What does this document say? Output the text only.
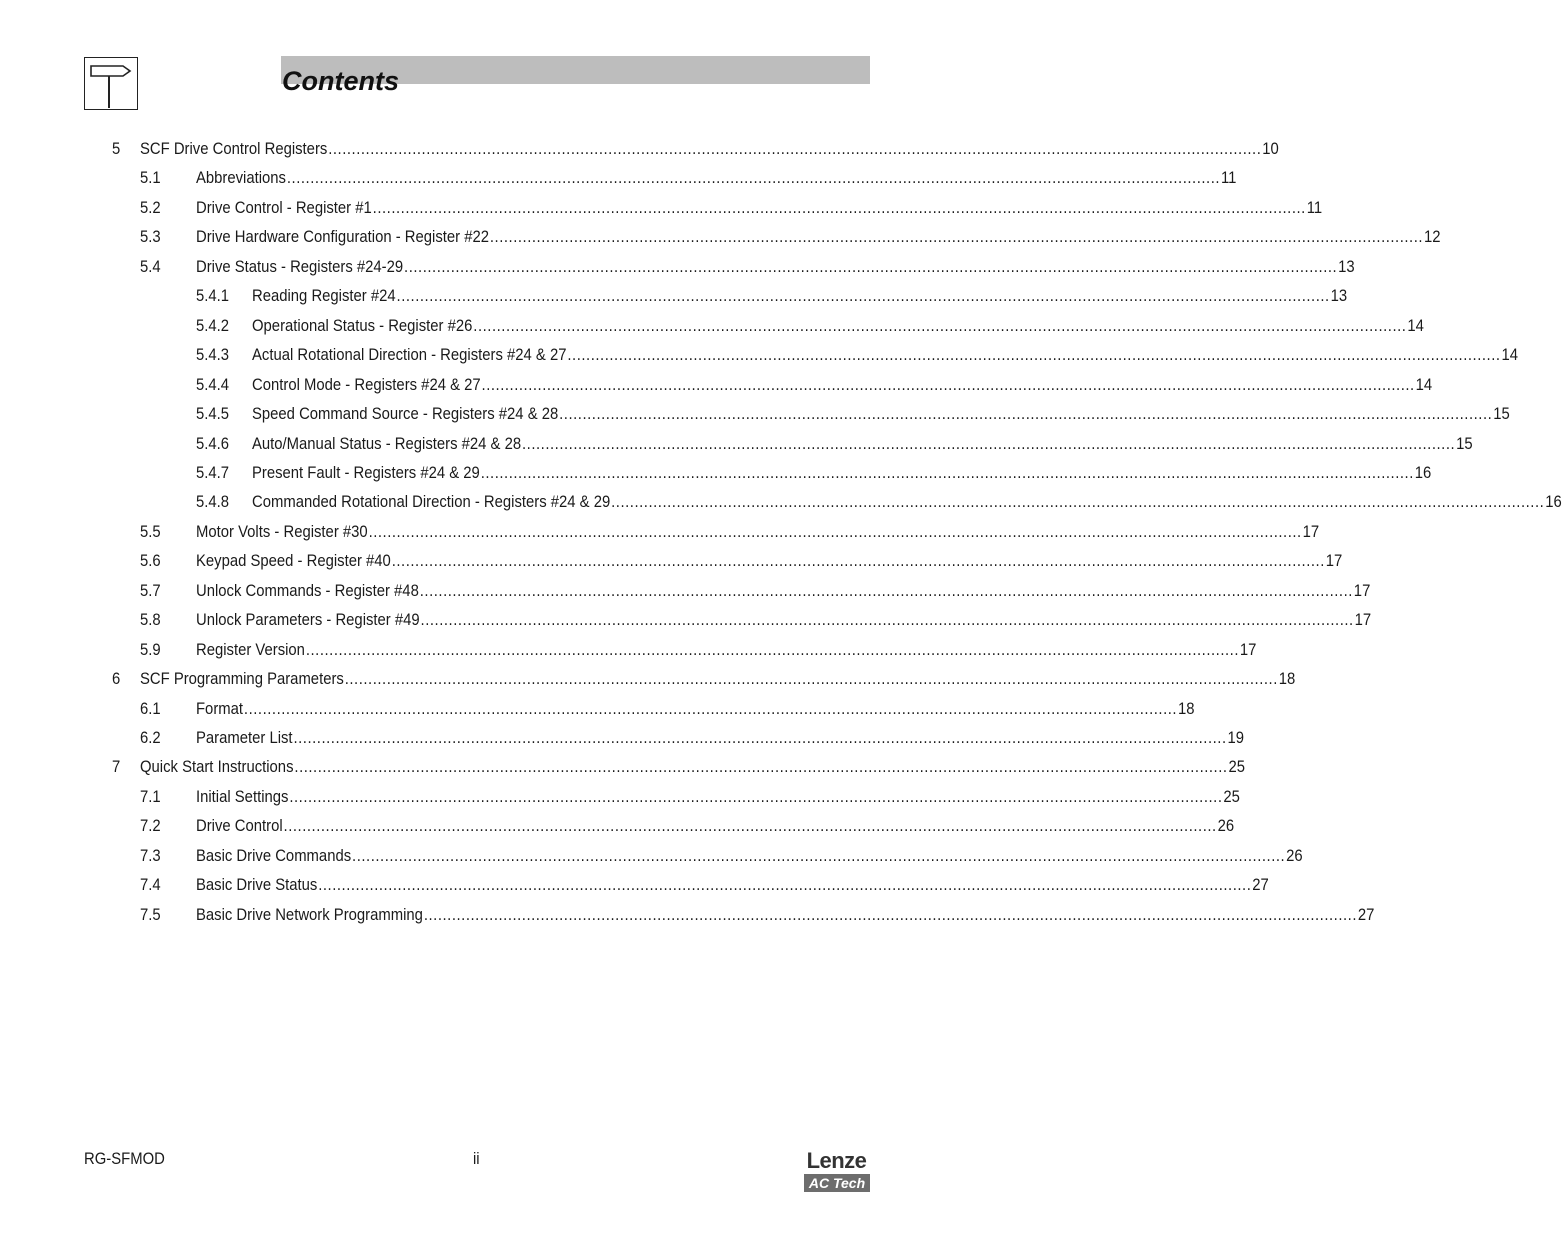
Contents
5 SCF Drive Control Registers ........................................................................................................................................................................................................ 10
5.1 Abbreviations ........................................................................................................................................................................................................ 11
5.2 Drive Control - Register #1 ........................................................................................................................................................................................................ 11
5.3 Drive Hardware Configuration - Register #22 ........................................................................................................................................................................................................ 12
5.4 Drive Status - Registers #24-29 ........................................................................................................................................................................................................ 13
5.4.1 Reading Register #24 ........................................................................................................................................................................................................ 13
5.4.2 Operational Status - Register #26 ........................................................................................................................................................................................................ 14
5.4.3 Actual Rotational Direction - Registers #24 & 27 ........................................................................................................................................................................................................ 14
5.4.4 Control Mode - Registers #24 & 27 ........................................................................................................................................................................................................ 14
5.4.5 Speed Command Source - Registers #24 & 28 ........................................................................................................................................................................................................ 15
5.4.6 Auto/Manual Status - Registers #24 & 28 ........................................................................................................................................................................................................ 15
5.4.7 Present Fault - Registers #24 & 29 ........................................................................................................................................................................................................ 16
5.4.8 Commanded Rotational Direction - Registers #24 & 29 ........................................................................................................................................................................................................ 16
5.5 Motor Volts - Register #30 ........................................................................................................................................................................................................ 17
5.6 Keypad Speed - Register #40 ........................................................................................................................................................................................................ 17
5.7 Unlock Commands - Register #48 ........................................................................................................................................................................................................ 17
5.8 Unlock Parameters - Register #49 ........................................................................................................................................................................................................ 17
5.9 Register Version ........................................................................................................................................................................................................ 17
6 SCF Programming Parameters ........................................................................................................................................................................................................ 18
6.1 Format ........................................................................................................................................................................................................ 18
6.2 Parameter List ........................................................................................................................................................................................................ 19
7 Quick Start Instructions ........................................................................................................................................................................................................ 25
7.1 Initial Settings ........................................................................................................................................................................................................ 25
7.2 Drive Control ........................................................................................................................................................................................................ 26
7.3 Basic Drive Commands ........................................................................................................................................................................................................ 26
7.4 Basic Drive Status ........................................................................................................................................................................................................ 27
7.5 Basic Drive Network Programming ........................................................................................................................................................................................................ 27
RG-SFMOD	ii	Lenze
AC Tech
